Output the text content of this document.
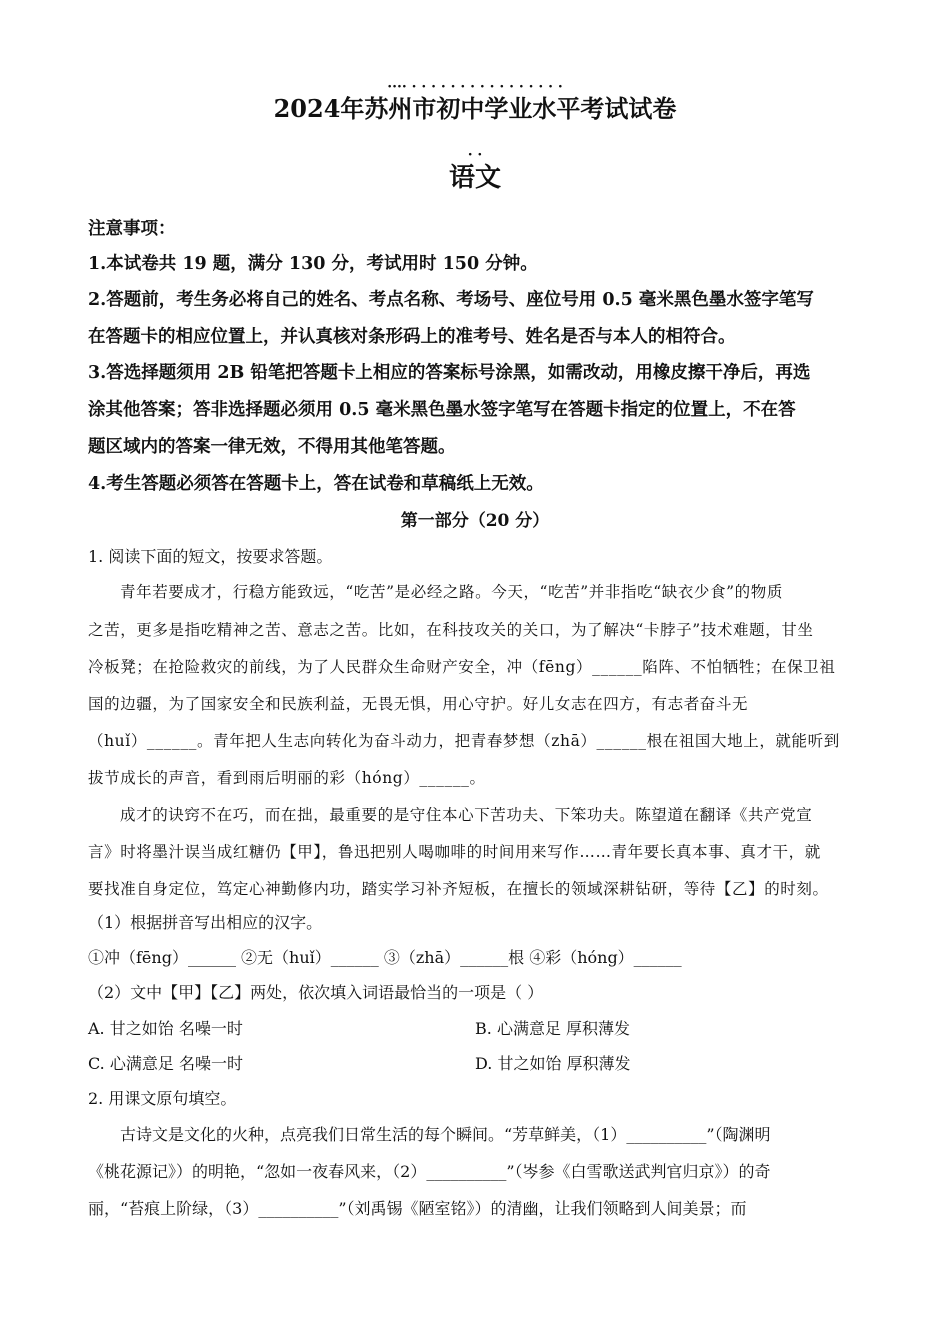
···· · · · · · · · · · · · · · · · ·
2024年苏州市初中学业水平考试试卷
· ·
语文
注意事项：
1.本试卷共 19 题，满分 130 分，考试用时 150 分钟。
2.答题前，考生务必将自己的姓名、考点名称、考场号、座位号用 0.5 毫米黑色墨水签字笔写
在答题卡的相应位置上，并认真核对条形码上的准考号、姓名是否与本人的相符合。
3.答选择题须用 2B 铅笔把答题卡上相应的答案标号涂黑，如需改动，用橡皮擦干净后，再选
涂其他答案；答非选择题必须用 0.5 毫米黑色墨水签字笔写在答题卡指定的位置上，不在答
题区域内的答案一律无效，不得用其他笔答题。
4.考生答题必须答在答题卡上，答在试卷和草稿纸上无效。
第一部分（20 分）
1. 阅读下面的短文，按要求答题。
青年若要成才，行稳方能致远，“吃苦”是必经之路。今天，“吃苦”并非指吃“缺衣少食”的物质
之苦，更多是指吃精神之苦、意志之苦。比如，在科技攻关的关口，为了解决“卡脖子”技术难题，甘坐
冷板凳；在抢险救灾的前线，为了人民群众生命财产安全，冲（fēng）______陷阵、不怕牺牲；在保卫祖
国的边疆，为了国家安全和民族利益，无畏无惧，用心守护。好儿女志在四方，有志者奋斗无
（huǐ）______。青年把人生志向转化为奋斗动力，把青春梦想（zhā）______根在祖国大地上，就能听到
拔节成长的声音，看到雨后明丽的彩（hóng）______。
成才的诀窍不在巧，而在拙，最重要的是守住本心下苦功夫、下笨功夫。陈望道在翻译《共产党宣
言》时将墨汁误当成红糖仍【甲】，鲁迅把别人喝咖啡的时间用来写作……青年要长真本事、真才干，就
要找准自身定位，笃定心神勤修内功，踏实学习补齐短板，在擅长的领域深耕钻研，等待【乙】的时刻。
（1）根据拼音写出相应的汉字。
①冲（fēng）______ ②无（huǐ）______ ③（zhā）______根 ④彩（hóng）______
（2）文中【甲】【乙】两处，依次填入词语最恰当的一项是（ ）
A. 甘之如饴 名噪一时	B. 心满意足 厚积薄发
C. 心满意足 名噪一时	D. 甘之如饴 厚积薄发
2. 用课文原句填空。
古诗文是文化的火种，点亮我们日常生活的每个瞬间。“芳草鲜美，（1）__________”（陶渊明
《桃花源记》）的明艳，“忽如一夜春风来，（2）__________”（岑参《白雪歌送武判官归京》）的奇
丽，“苔痕上阶绿，（3）__________”（刘禹锡《陋室铭》）的清幽，让我们领略到人间美景；而
